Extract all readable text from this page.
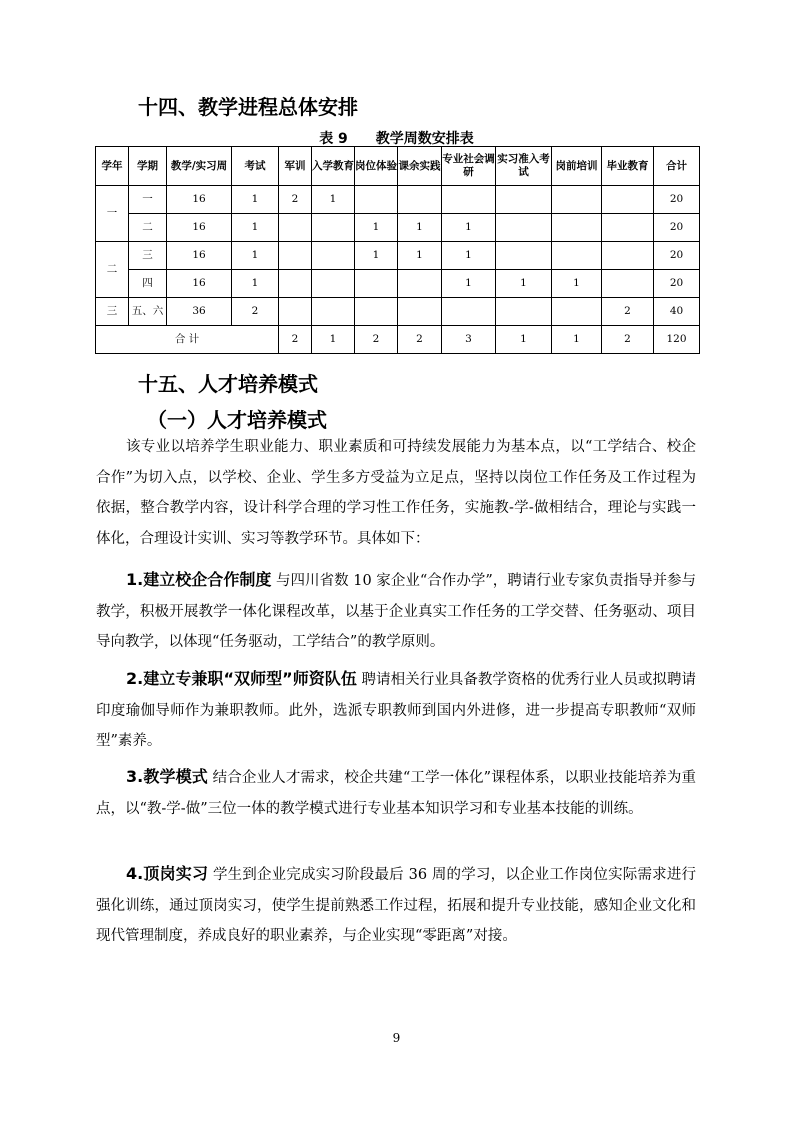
十四、教学进程总体安排
表 9　　教学周数安排表
学年	学期	教学/实习周	考试	军训	入学教育	岗位体验	课余实践	专业社会调研	实习准入考试	岗前培训	毕业教育	合计
一	一	16	1	2	1							20
	二	16	1			1	1	1				20
二	三	16	1			1	1	1				20
	四	16	1					1	1	1		20
三	五、六	36	2								2	40
合 计				2	1	2	2	3	1	1	2	120
十五、人才培养模式
（一）人才培养模式
该专业以培养学生职业能力、职业素质和可持续发展能力为基本点，以“工学结合、校企合作”为切入点，以学校、企业、学生多方受益为立足点，坚持以岗位工作任务及工作过程为依据，整合教学内容，设计科学合理的学习性工作任务，实施教-学-做相结合，理论与实践一体化，合理设计实训、实习等教学环节。具体如下：
1.建立校企合作制度 与四川省数 10 家企业“合作办学”，聘请行业专家负责指导并参与教学，积极开展教学一体化课程改革，以基于企业真实工作任务的工学交替、任务驱动、项目导向教学，以体现“任务驱动，工学结合”的教学原则。
2.建立专兼职“双师型”师资队伍 聘请相关行业具备教学资格的优秀行业人员或拟聘请印度瑜伽导师作为兼职教师。此外，选派专职教师到国内外进修，进一步提高专职教师“双师型”素养。
3.教学模式 结合企业人才需求，校企共建“工学一体化”课程体系，以职业技能培养为重点，以“教-学-做”三位一体的教学模式进行专业基本知识学习和专业基本技能的训练。
4.顶岗实习 学生到企业完成实习阶段最后 36 周的学习，以企业工作岗位实际需求进行强化训练，通过顶岗实习，使学生提前熟悉工作过程，拓展和提升专业技能，感知企业文化和现代管理制度，养成良好的职业素养，与企业实现“零距离”对接。
9
